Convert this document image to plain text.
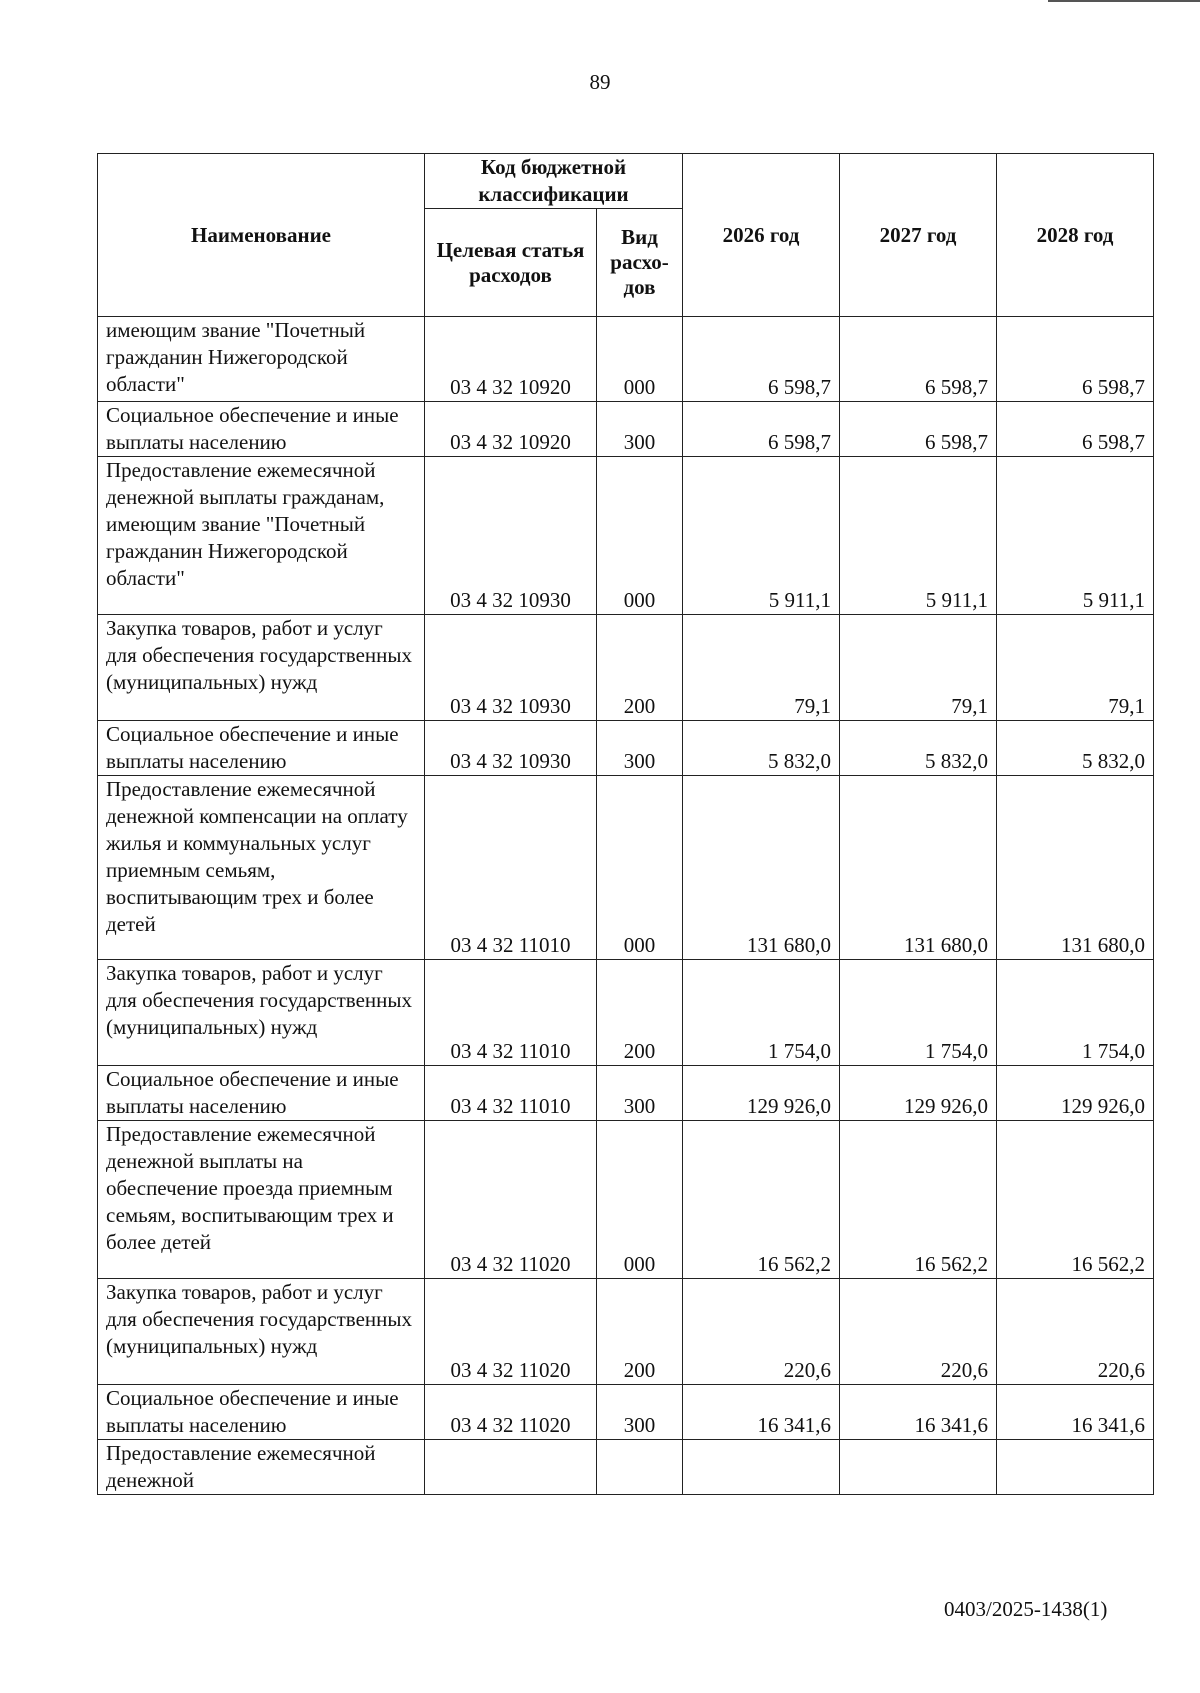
89
Наименование	Код бюджетной классификации		2026 год	2027 год	2028 год
	Целевая статья расходов	Вид расхо-дов			
имеющим звание "Почетный гражданин Нижегородской области"	03 4 32 10920	000	6 598,7	6 598,7	6 598,7
Социальное обеспечение и иные выплаты населению	03 4 32 10920	300	6 598,7	6 598,7	6 598,7
Предоставление ежемесячной денежной выплаты гражданам, имеющим звание "Почетный гражданин Нижегородской области"	03 4 32 10930	000	5 911,1	5 911,1	5 911,1
Закупка товаров, работ и услуг для обеспечения государственных (муниципальных) нужд	03 4 32 10930	200	79,1	79,1	79,1
Социальное обеспечение и иные выплаты населению	03 4 32 10930	300	5 832,0	5 832,0	5 832,0
Предоставление ежемесячной денежной компенсации на оплату жилья и коммунальных услуг приемным семьям, воспитывающим трех и более детей	03 4 32 11010	000	131 680,0	131 680,0	131 680,0
Закупка товаров, работ и услуг для обеспечения государственных (муниципальных) нужд	03 4 32 11010	200	1 754,0	1 754,0	1 754,0
Социальное обеспечение и иные выплаты населению	03 4 32 11010	300	129 926,0	129 926,0	129 926,0
Предоставление ежемесячной денежной выплаты на обеспечение проезда приемным семьям, воспитывающим трех и более детей	03 4 32 11020	000	16 562,2	16 562,2	16 562,2
Закупка товаров, работ и услуг для обеспечения государственных (муниципальных) нужд	03 4 32 11020	200	220,6	220,6	220,6
Социальное обеспечение и иные выплаты населению	03 4 32 11020	300	16 341,6	16 341,6	16 341,6
Предоставление ежемесячной денежной					
0403/2025-1438(1)
